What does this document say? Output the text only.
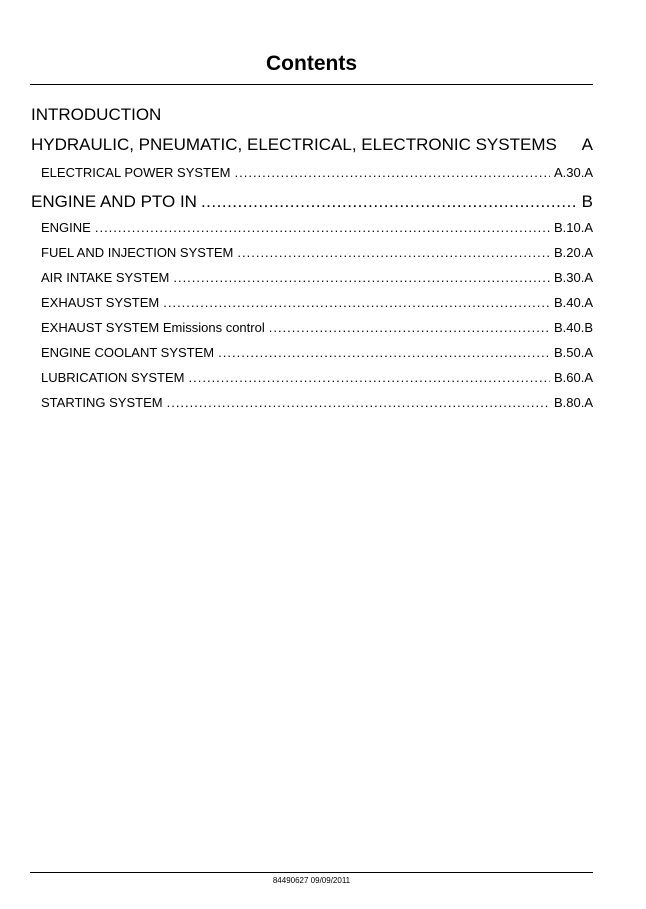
Contents
INTRODUCTION
HYDRAULIC, PNEUMATIC, ELECTRICAL, ELECTRONIC SYSTEMS A
ELECTRICAL POWER SYSTEM .....	A.30.A
ENGINE AND PTO IN .....	B
ENGINE .....	B.10.A
FUEL AND INJECTION SYSTEM .....	B.20.A
AIR INTAKE SYSTEM .....	B.30.A
EXHAUST SYSTEM .....	B.40.A
EXHAUST SYSTEM Emissions control .....	B.40.B
ENGINE COOLANT SYSTEM .....	B.50.A
LUBRICATION SYSTEM .....	B.60.A
STARTING SYSTEM .....	B.80.A
84490627 09/09/2011
